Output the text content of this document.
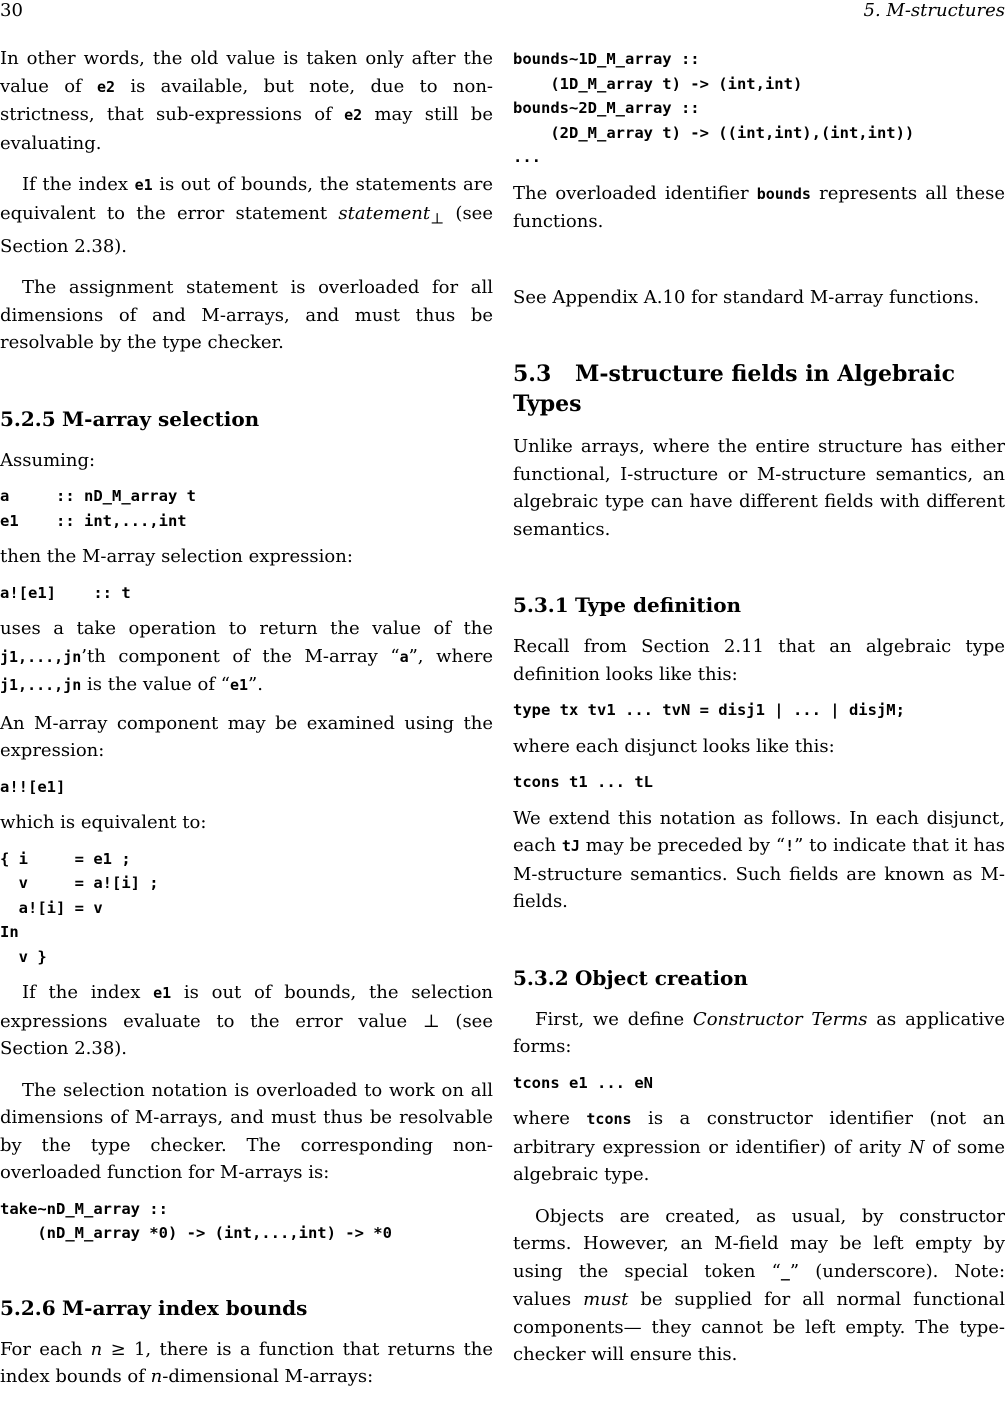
30	5. M-structures

In other words, the old value is taken only after the value of e2 is available, but note, due to non-strictness, that sub-expressions of e2 may still be evaluating.

If the index e1 is out of bounds, the statements are equivalent to the error statement statement$_\perp$ (see Section 2.38).

The assignment statement is overloaded for all dimensions of and M-arrays, and must thus be resolvable by the type checker.

5.2.5 M-array selection

Assuming:

a     :: nD_M_array t
e1    :: int,...,int

then the M-array selection expression:

a![e1]    :: t

uses a take operation to return the value of the j1,...,jn’th component of the M-array “a”, where j1,...,jn is the value of “e1”.

An M-array component may be examined using the expression:

a!![e1]

which is equivalent to:

{ i     = e1 ;
v     = a![i] ;
a![i] = v
In
v }

If the index e1 is out of bounds, the selection expressions evaluate to the error value ⊥ (see Section 2.38).

The selection notation is overloaded to work on all dimensions of M-arrays, and must thus be resolvable by the type checker. The corresponding non-overloaded function for M-arrays is:

take~nD_M_array ::
(nD_M_array *0) -> (int,...,int) -> *0
5.2.6 M-array index bounds

For each n ≥ 1, there is a function that returns the index bounds of n-dimensional M-arrays:

bounds~1D_M_array ::
(1D_M_array t) -> (int,int)
bounds~2D_M_array ::
(2D_M_array t) -> ((int,int),(int,int))
...

The overloaded identifier bounds represents all these functions.

See Appendix A.10 for standard M-array functions.

5.3 M-structure fields in Algebraic Types

Unlike arrays, where the entire structure has either functional, I-structure or M-structure semantics, an algebraic type can have different fields with different semantics.

5.3.1 Type definition

Recall from Section 2.11 that an algebraic type definition looks like this:

type tx tv1 ... tvN = disj1 | ... | disjM;

where each disjunct looks like this:

tcons t1 ... tL

We extend this notation as follows. In each disjunct, each tJ may be preceded by “!” to indicate that it has M-structure semantics. Such fields are known as M-fields.

5.3.2 Object creation

First, we define Constructor Terms as applicative forms:

tcons e1 ... eN

where tcons is a constructor identifier (not an arbitrary expression or identifier) of arity N of some algebraic type.

Objects are created, as usual, by constructor terms. However, an M-field may be left empty by using the special token “_” (underscore). Note: values must be supplied for all normal functional components— they cannot be left empty. The type-checker will ensure this.
